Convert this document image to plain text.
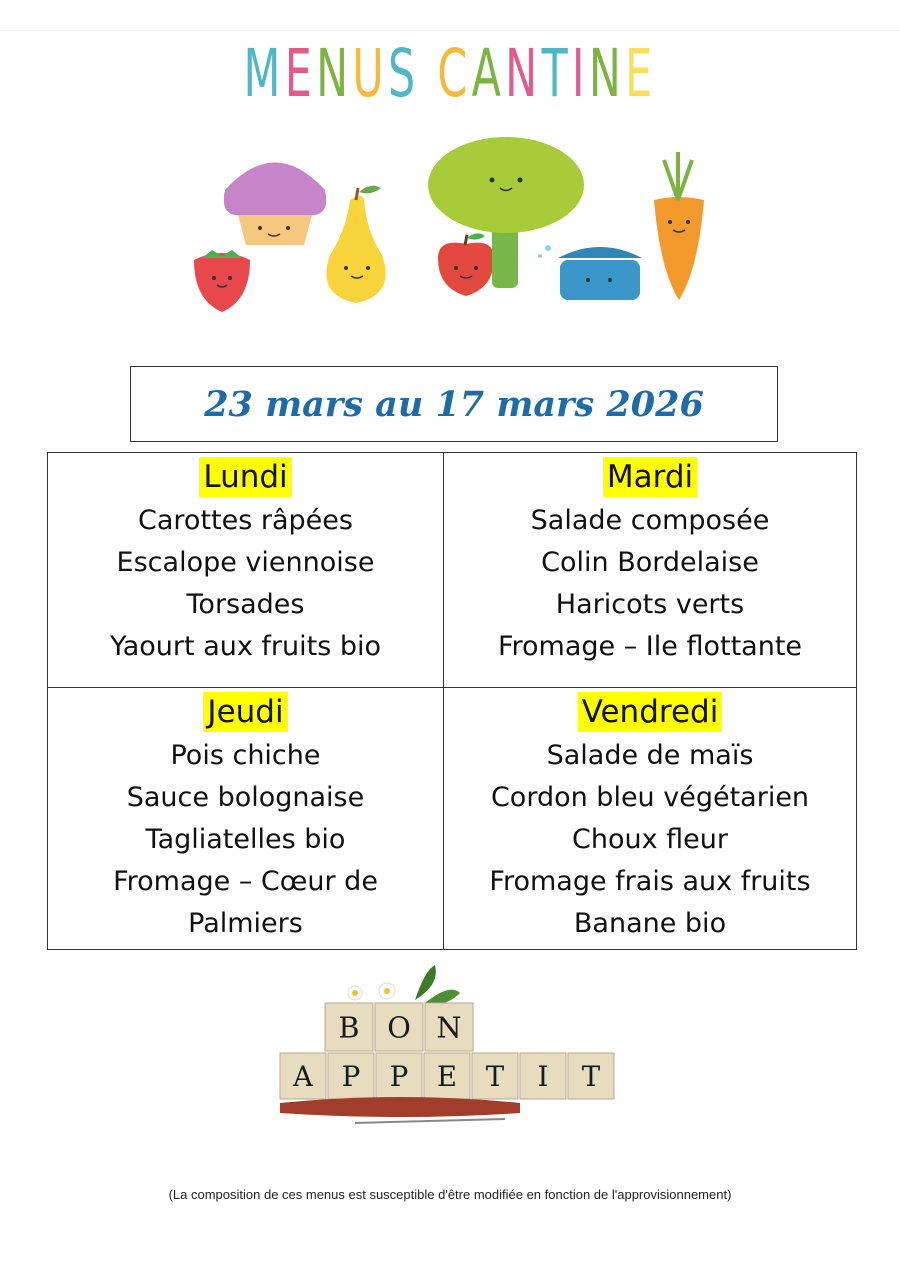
MENUS CANTINE
23 mars au 17 mars 2026
Lundi
Carottes râpées
Escalope viennoise
Torsades
Yaourt aux fruits bio
Mardi
Salade composée
Colin Bordelaise
Haricots verts
Fromage – Ile flottante
Jeudi
Pois chiche
Sauce bolognaise
Tagliatelles bio
Fromage – Cœur de
Palmiers
Vendredi
Salade de maïs
Cordon bleu végétarien
Choux fleur
Fromage frais aux fruits
Banane bio
B O N
A P P E T I T
(La composition de ces menus est susceptible d'être modifiée en fonction de l'approvisionnement)
